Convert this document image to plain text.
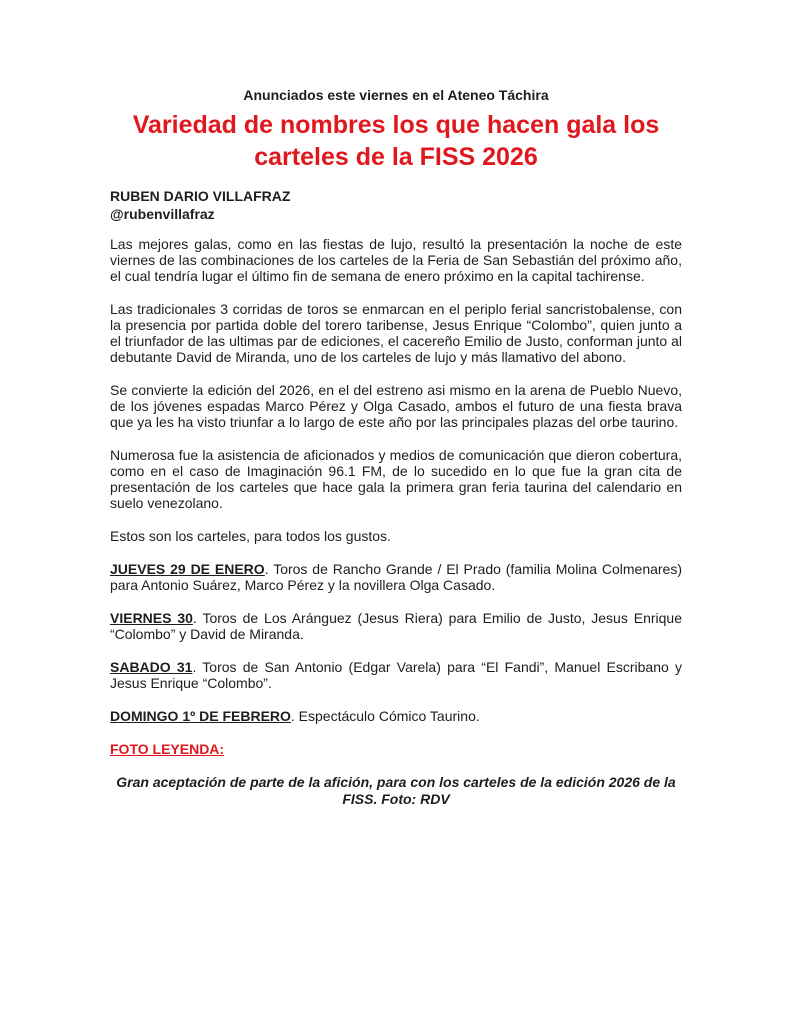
Anunciados este viernes en el Ateneo Táchira
Variedad de nombres los que hacen gala los carteles de la FISS 2026
RUBEN DARIO VILLAFRAZ
@rubenvillafraz

Las mejores galas, como en las fiestas de lujo, resultó la presentación la noche de este viernes de las combinaciones de los carteles de la Feria de San Sebastián del próximo año, el cual tendría lugar el último fin de semana de enero próximo en la capital tachirense.

Las tradicionales 3 corridas de toros se enmarcan en el periplo ferial sancristobalense, con la presencia por partida doble del torero taribense, Jesus Enrique “Colombo”, quien junto a el triunfador de las ultimas par de ediciones, el cacereño Emilio de Justo, conforman junto al debutante David de Miranda, uno de los carteles de lujo y más llamativo del abono.

Se convierte la edición del 2026, en el del estreno asi mismo en la arena de Pueblo Nuevo, de los jóvenes espadas Marco Pérez y Olga Casado, ambos el futuro de una fiesta brava que ya les ha visto triunfar a lo largo de este año por las principales plazas del orbe taurino.

Numerosa fue la asistencia de aficionados y medios de comunicación que dieron cobertura, como en el caso de Imaginación 96.1 FM, de lo sucedido en lo que fue la gran cita de presentación de los carteles que hace gala la primera gran feria taurina del calendario en suelo venezolano.

Estos son los carteles, para todos los gustos.

JUEVES 29 DE ENERO. Toros de Rancho Grande / El Prado (familia Molina Colmenares) para Antonio Suárez, Marco Pérez y la novillera Olga Casado.

VIERNES 30. Toros de Los Aránguez (Jesus Riera) para Emilio de Justo, Jesus Enrique “Colombo” y David de Miranda.

SABADO 31. Toros de San Antonio (Edgar Varela) para “El Fandi”, Manuel Escribano y Jesus Enrique “Colombo”.

DOMINGO 1º DE FEBRERO. Espectáculo Cómico Taurino.

FOTO LEYENDA:

Gran aceptación de parte de la afición, para con los carteles de la edición 2026 de la FISS. Foto: RDV
